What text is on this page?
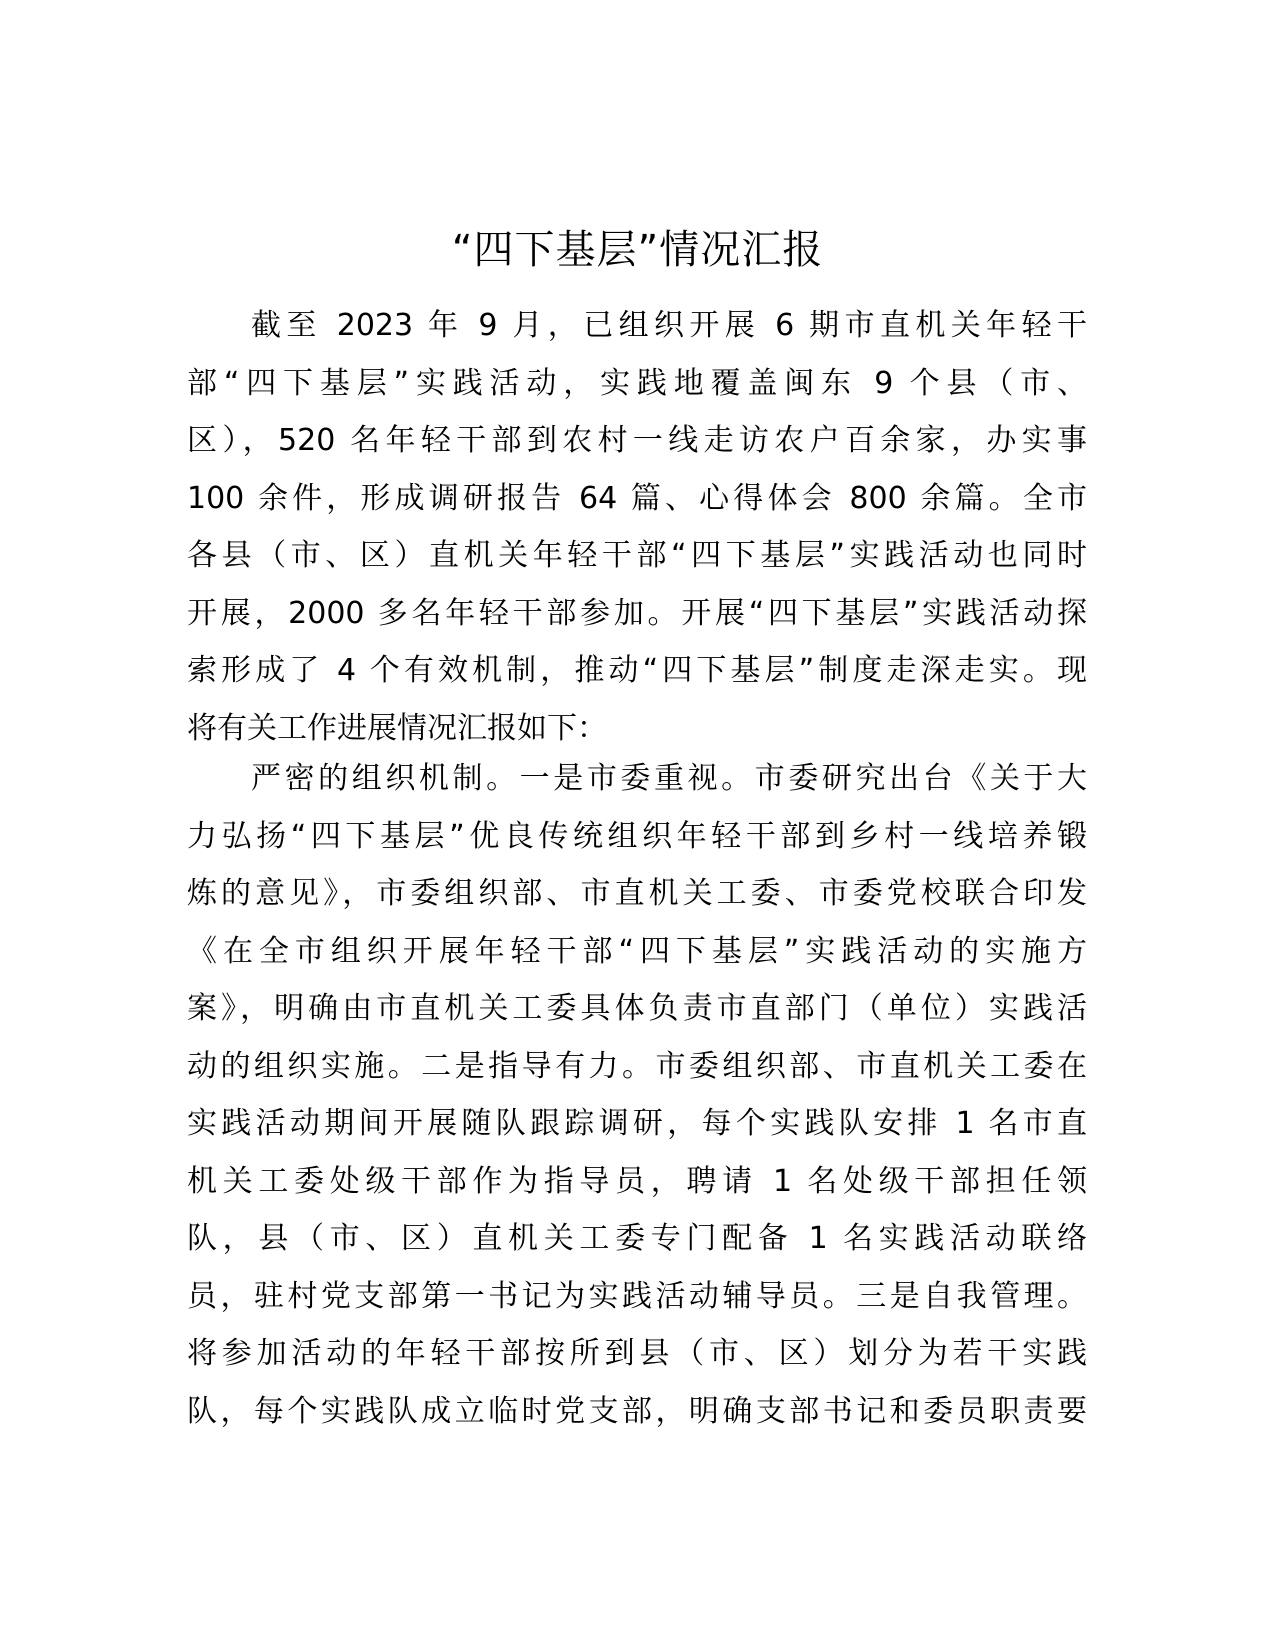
“四下基层”情况汇报

截至 2023 年 9 月，已组织开展 6 期市直机关年轻干
部“四下基层”实践活动，实践地覆盖闽东 9 个县（市、
区），520 名年轻干部到农村一线走访农户百余家，办实事
100 余件，形成调研报告 64 篇、心得体会 800 余篇。全市
各县（市、区）直机关年轻干部“四下基层”实践活动也同时
开展，2000 多名年轻干部参加。开展“四下基层”实践活动探
索形成了 4 个有效机制，推动“四下基层”制度走深走实。现
将有关工作进展情况汇报如下：

严密的组织机制。一是市委重视。市委研究出台《关于大
力弘扬“四下基层”优良传统组织年轻干部到乡村一线培养锻
炼的意见》，市委组织部、市直机关工委、市委党校联合印发
《在全市组织开展年轻干部“四下基层”实践活动的实施方
案》，明确由市直机关工委具体负责市直部门（单位）实践活
动的组织实施。二是指导有力。市委组织部、市直机关工委在
实践活动期间开展随队跟踪调研，每个实践队安排 1 名市直
机关工委处级干部作为指导员，聘请 1 名处级干部担任领
队，县（市、区）直机关工委专门配备 1 名实践活动联络
员，驻村党支部第一书记为实践活动辅导员。三是自我管理。
将参加活动的年轻干部按所到县（市、区）划分为若干实践
队，每个实践队成立临时党支部，明确支部书记和委员职责要
